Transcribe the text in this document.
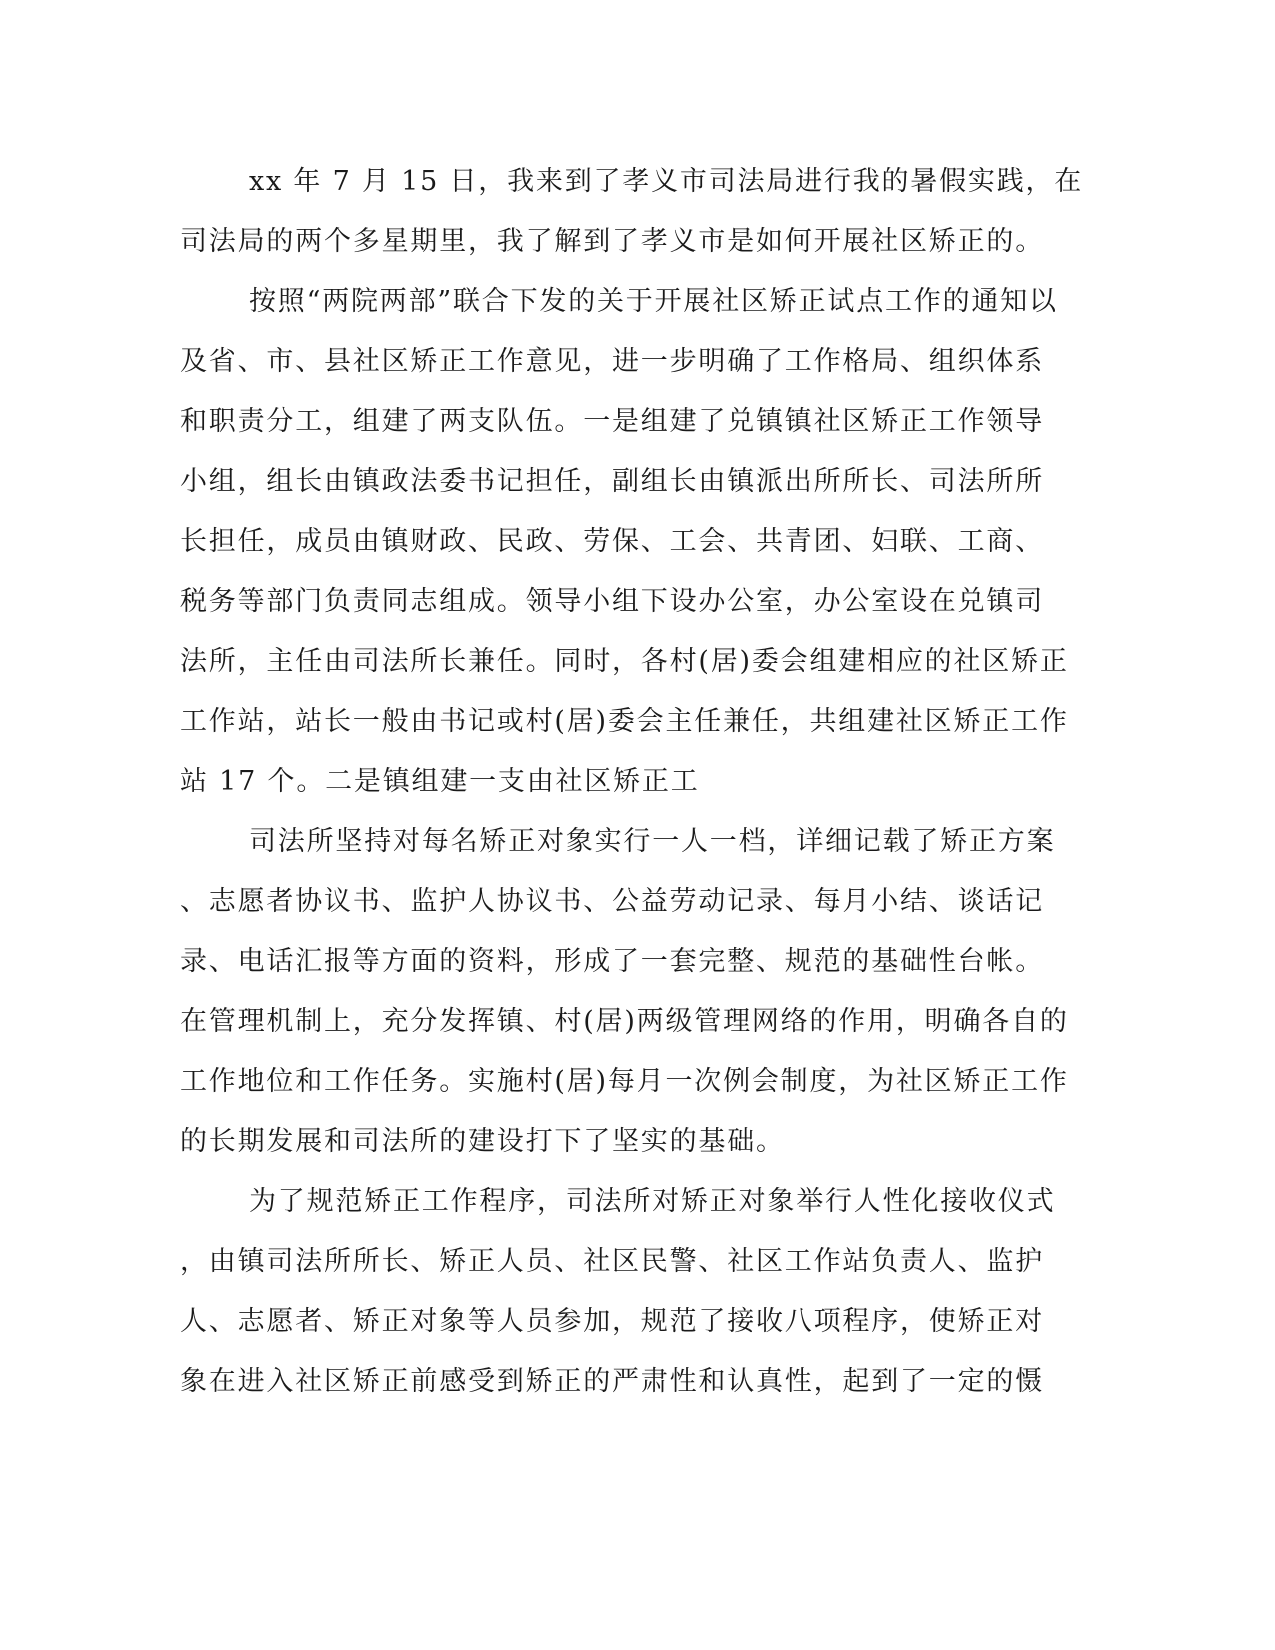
xx 年 7 月 15 日，我来到了孝义市司法局进行我的暑假实践，在
司法局的两个多星期里，我了解到了孝义市是如何开展社区矫正的。
按照“两院两部”联合下发的关于开展社区矫正试点工作的通知以
及省、市、县社区矫正工作意见，进一步明确了工作格局、组织体系
和职责分工，组建了两支队伍。一是组建了兑镇镇社区矫正工作领导
小组，组长由镇政法委书记担任，副组长由镇派出所所长、司法所所
长担任，成员由镇财政、民政、劳保、工会、共青团、妇联、工商、
税务等部门负责同志组成。领导小组下设办公室，办公室设在兑镇司
法所，主任由司法所长兼任。同时，各村(居)委会组建相应的社区矫正
工作站，站长一般由书记或村(居)委会主任兼任，共组建社区矫正工作
站 17 个。二是镇组建一支由社区矫正工
司法所坚持对每名矫正对象实行一人一档，详细记载了矫正方案
、志愿者协议书、监护人协议书、公益劳动记录、每月小结、谈话记
录、电话汇报等方面的资料，形成了一套完整、规范的基础性台帐。
在管理机制上，充分发挥镇、村(居)两级管理网络的作用，明确各自的
工作地位和工作任务。实施村(居)每月一次例会制度，为社区矫正工作
的长期发展和司法所的建设打下了坚实的基础。
为了规范矫正工作程序，司法所对矫正对象举行人性化接收仪式
，由镇司法所所长、矫正人员、社区民警、社区工作站负责人、监护
人、志愿者、矫正对象等人员参加，规范了接收八项程序，使矫正对
象在进入社区矫正前感受到矫正的严肃性和认真性，起到了一定的慑
